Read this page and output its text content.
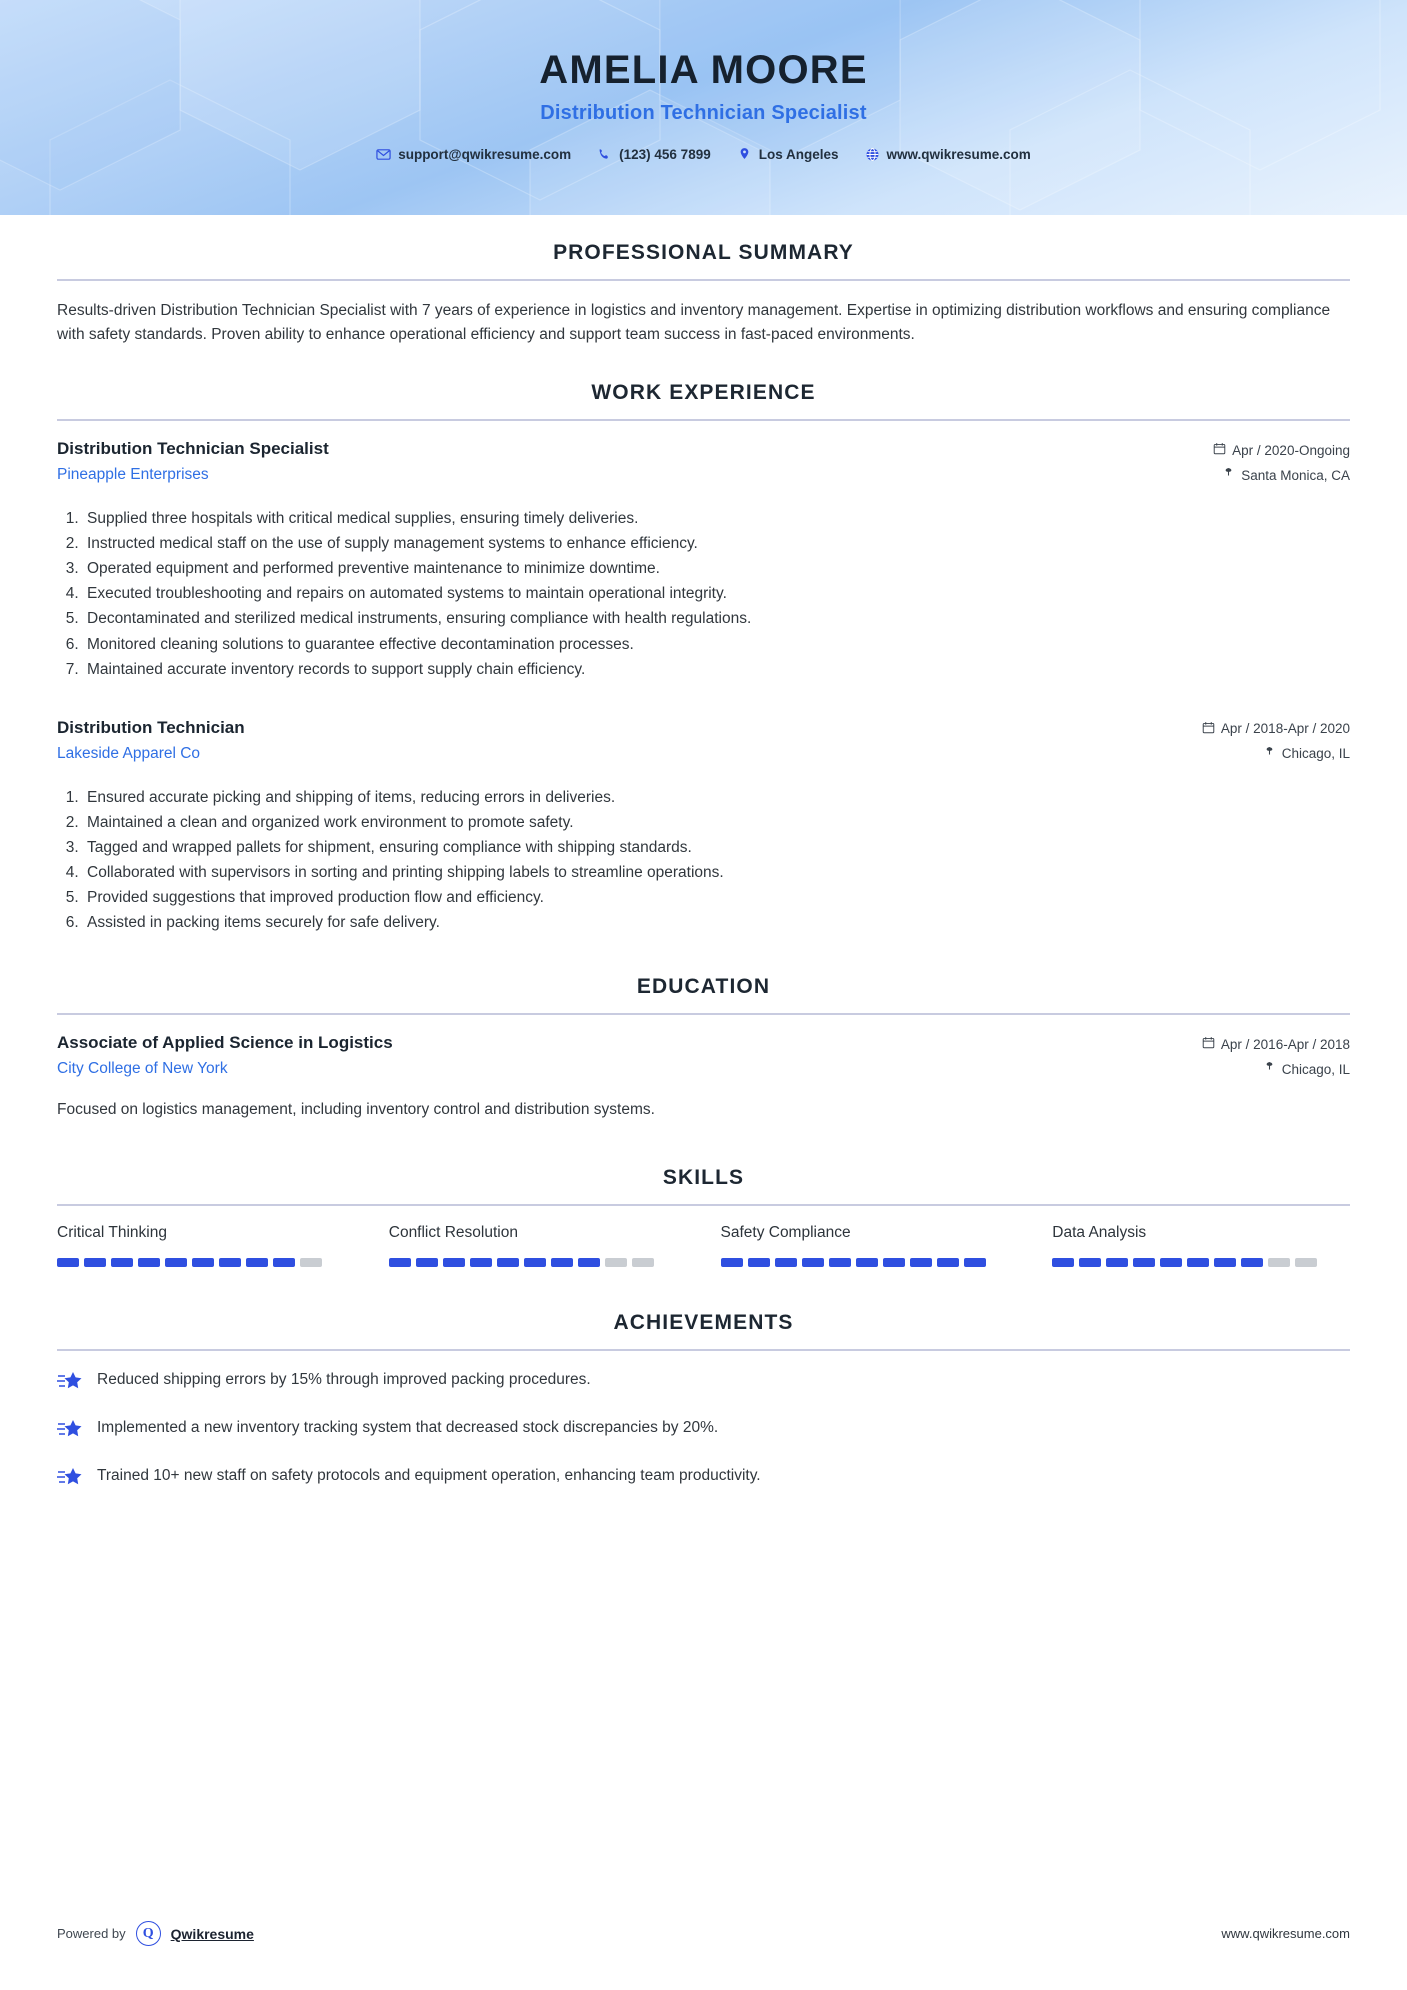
AMELIA MOORE
Distribution Technician Specialist
support@qwikresume.com	(123) 456 7899	Los Angeles	www.qwikresume.com
PROFESSIONAL SUMMARY

Results-driven Distribution Technician Specialist with 7 years of experience in logistics and inventory management. Expertise in optimizing distribution workflows and ensuring compliance with safety standards. Proven ability to enhance operational efficiency and support team success in fast-paced environments.

WORK EXPERIENCE
Distribution Technician Specialist
Pineapple Enterprises
Apr / 2020-Ongoing
Santa Monica, CA
1. Supplied three hospitals with critical medical supplies, ensuring timely deliveries.
2. Instructed medical staff on the use of supply management systems to enhance efficiency.
3. Operated equipment and performed preventive maintenance to minimize downtime.
4. Executed troubleshooting and repairs on automated systems to maintain operational integrity.
5. Decontaminated and sterilized medical instruments, ensuring compliance with health regulations.
6. Monitored cleaning solutions to guarantee effective decontamination processes.
7. Maintained accurate inventory records to support supply chain efficiency.
Distribution Technician
Lakeside Apparel Co
Apr / 2018-Apr / 2020
Chicago, IL
1. Ensured accurate picking and shipping of items, reducing errors in deliveries.
2. Maintained a clean and organized work environment to promote safety.
3. Tagged and wrapped pallets for shipment, ensuring compliance with shipping standards.
4. Collaborated with supervisors in sorting and printing shipping labels to streamline operations.
5. Provided suggestions that improved production flow and efficiency.
6. Assisted in packing items securely for safe delivery.
EDUCATION
Associate of Applied Science in Logistics
City College of New York
Apr / 2016-Apr / 2018
Chicago, IL
Focused on logistics management, including inventory control and distribution systems.
SKILLS
Critical Thinking	Conflict Resolution	Safety Compliance	Data Analysis
ACHIEVEMENTS
Reduced shipping errors by 15% through improved packing procedures.
Implemented a new inventory tracking system that decreased stock discrepancies by 20%.
Trained 10+ new staff on safety protocols and equipment operation, enhancing team productivity.
Powered by	Q	Qwikresume	www.qwikresume.com
